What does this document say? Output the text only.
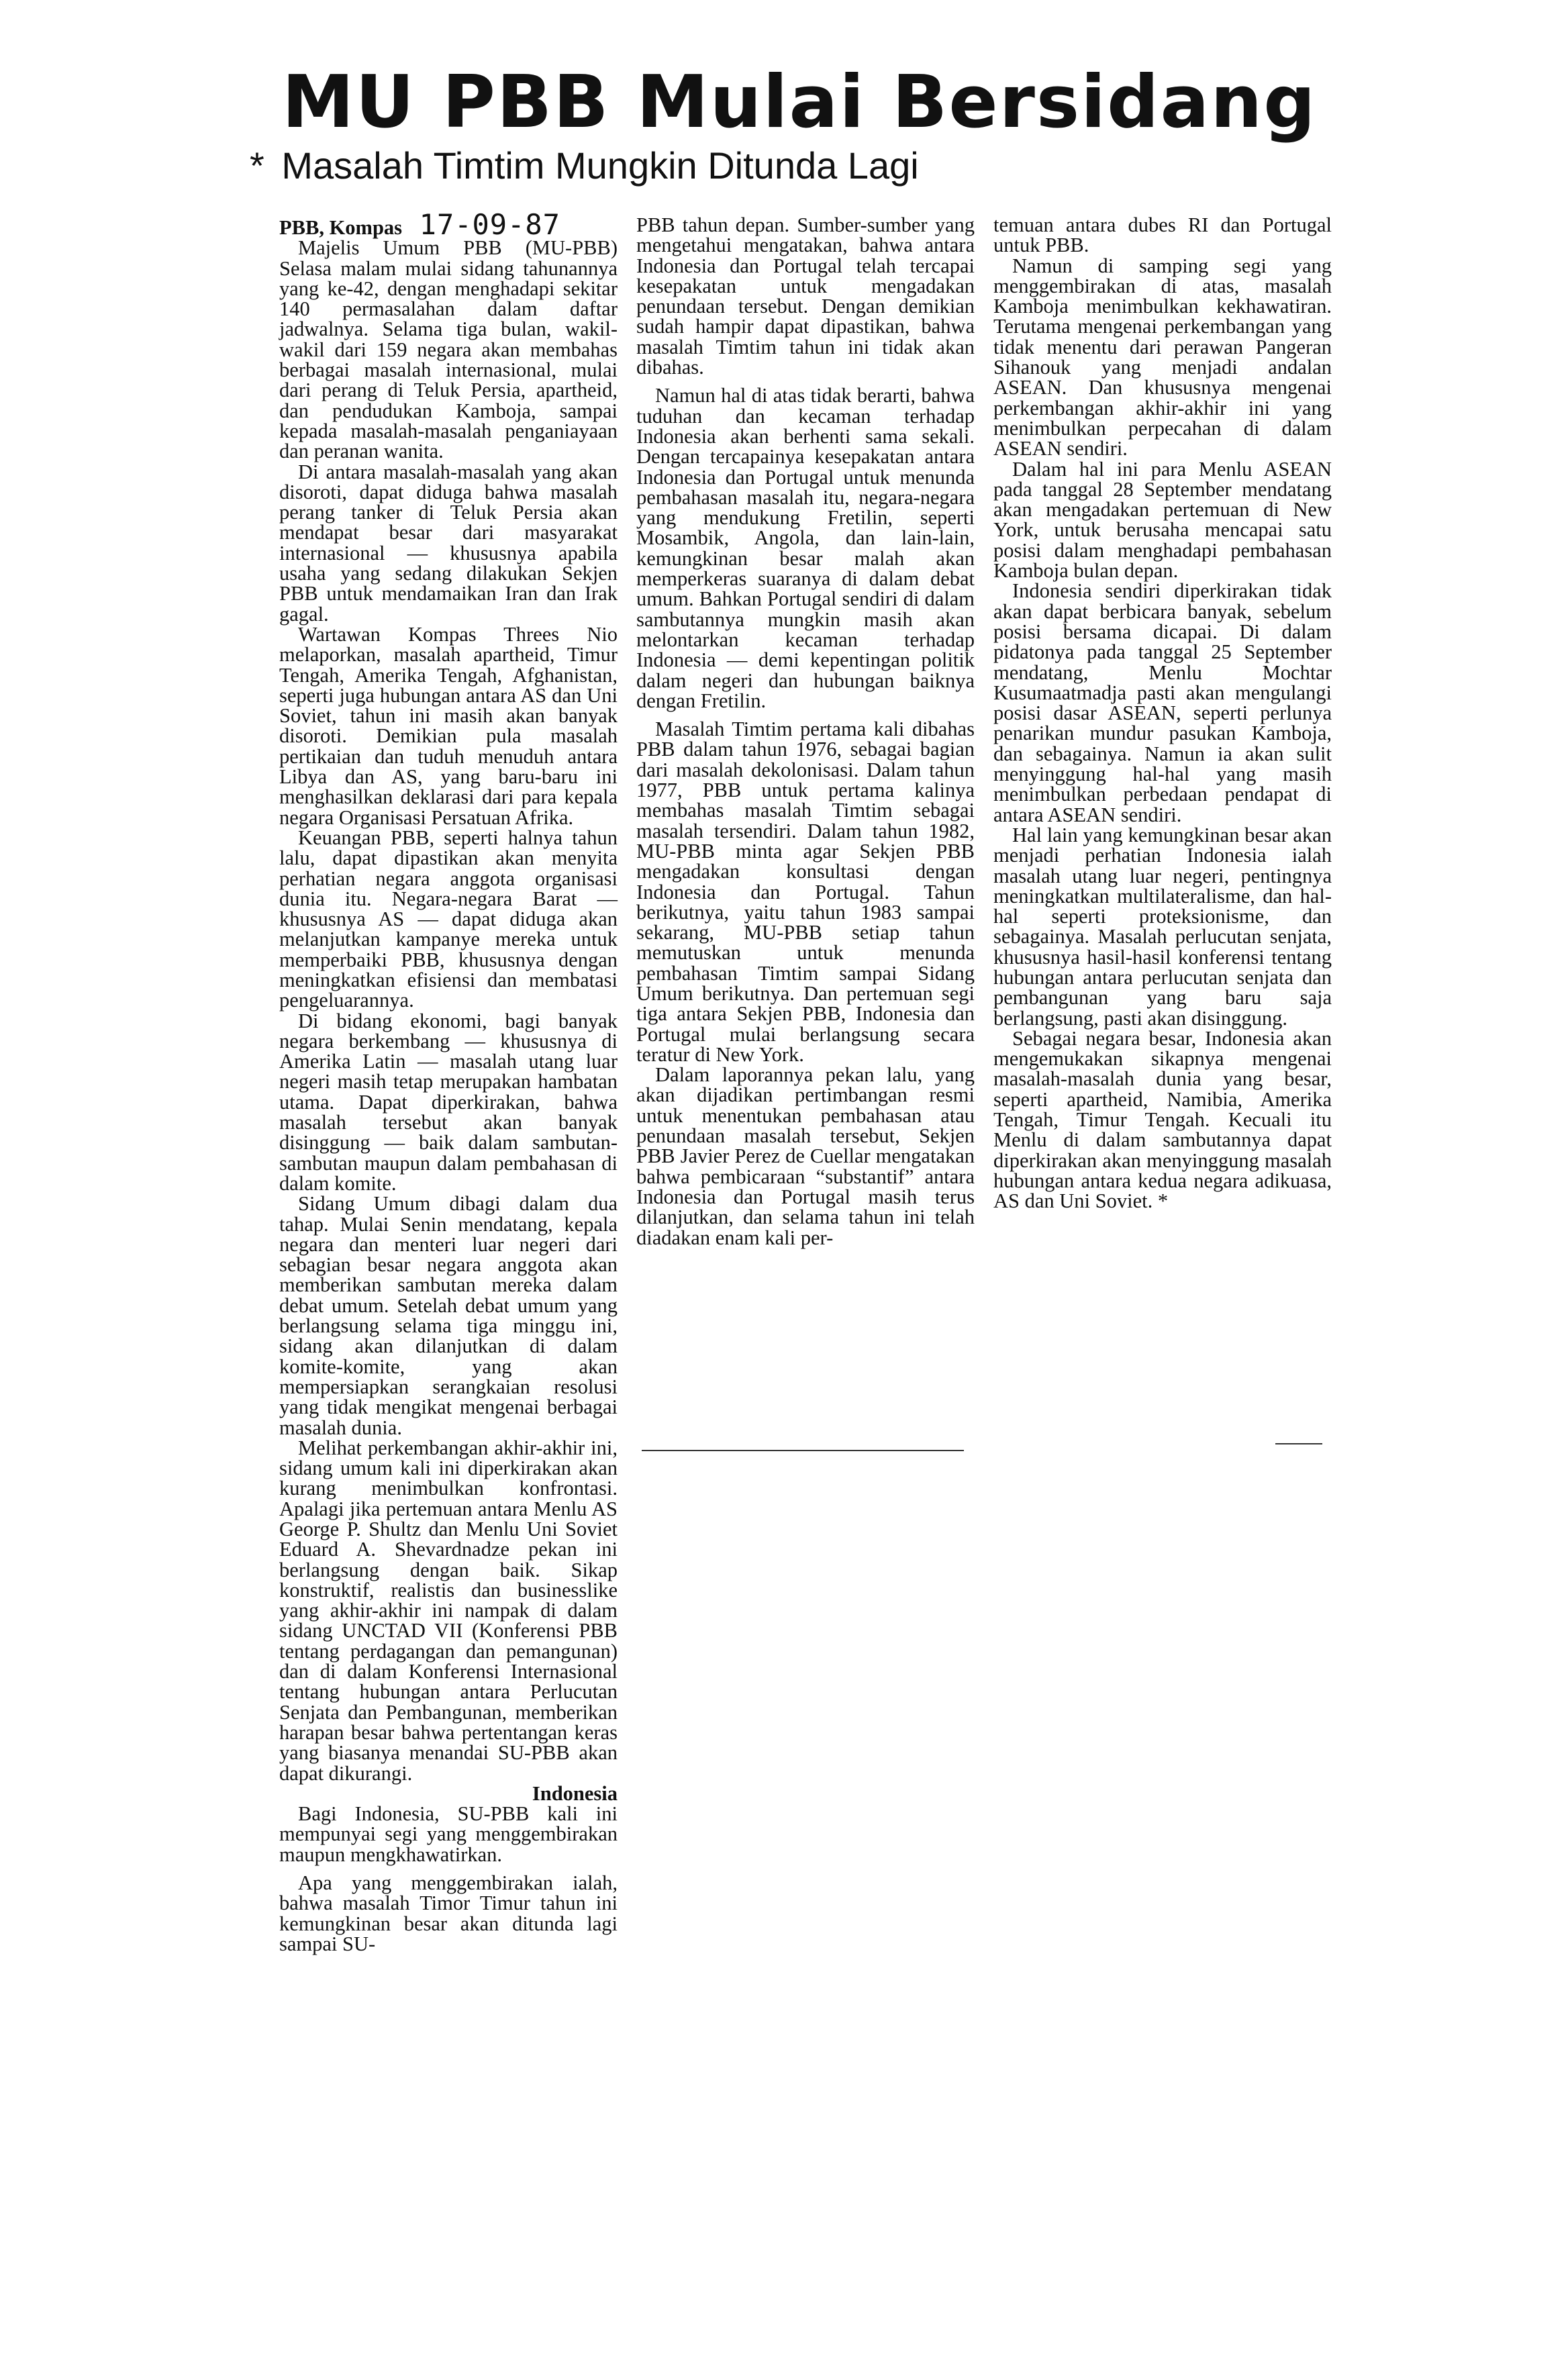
MU PBB Mulai Bersidang
* Masalah Timtim Mungkin Ditunda Lagi

PBB, Kompas 17-09-87

Majelis Umum PBB (MU-PBB) Selasa malam mulai sidang tahunannya yang ke-42, dengan menghadapi sekitar 140 permasalahan dalam daftar jadwalnya. Selama tiga bulan, wakil-wakil dari 159 negara akan membahas berbagai masalah internasional, mulai dari perang di Teluk Persia, apartheid, dan pendudukan Kamboja, sampai kepada masalah-masalah penganiayaan dan peranan wanita.

Di antara masalah-masalah yang akan disoroti, dapat diduga bahwa masalah perang tanker di Teluk Persia akan mendapat besar dari masyarakat internasional — khususnya apabila usaha yang sedang dilakukan Sekjen PBB untuk mendamaikan Iran dan Irak gagal.

Wartawan Kompas Threes Nio melaporkan, masalah apartheid, Timur Tengah, Amerika Tengah, Afghanistan, seperti juga hubungan antara AS dan Uni Soviet, tahun ini masih akan banyak disoroti. Demikian pula masalah pertikaian dan tuduh menuduh antara Libya dan AS, yang baru-baru ini menghasilkan deklarasi dari para kepala negara Organisasi Persatuan Afrika.

Keuangan PBB, seperti halnya tahun lalu, dapat dipastikan akan menyita perhatian negara anggota organisasi dunia itu. Negara-negara Barat — khususnya AS — dapat diduga akan melanjutkan kampanye mereka untuk memperbaiki PBB, khususnya dengan meningkatkan efisiensi dan membatasi pengeluarannya.

Di bidang ekonomi, bagi banyak negara berkembang — khususnya di Amerika Latin — masalah utang luar negeri masih tetap merupakan hambatan utama. Dapat diperkirakan, bahwa masalah tersebut akan banyak disinggung — baik dalam sambutan-sambutan maupun dalam pembahasan di dalam komite.

Sidang Umum dibagi dalam dua tahap. Mulai Senin mendatang, kepala negara dan menteri luar negeri dari sebagian besar negara anggota akan memberikan sambutan mereka dalam debat umum. Setelah debat umum yang berlangsung selama tiga minggu ini, sidang akan dilanjutkan di dalam komite-komite, yang akan mempersiapkan serangkaian resolusi yang tidak mengikat mengenai berbagai masalah dunia.

Melihat perkembangan akhir-akhir ini, sidang umum kali ini diperkirakan akan kurang menimbulkan konfrontasi. Apalagi jika pertemuan antara Menlu AS George P. Shultz dan Menlu Uni Soviet Eduard A. Shevardnadze pekan ini berlangsung dengan baik. Sikap konstruktif, realistis dan businesslike yang akhir-akhir ini nampak di dalam sidang UNCTAD VII (Konferensi PBB tentang perdagangan dan pemangunan) dan di dalam Konferensi Internasional tentang hubungan antara Perlucutan Senjata dan Pembangunan, memberikan harapan besar bahwa pertentangan keras yang biasanya menandai SU-PBB akan dapat dikurangi.

Indonesia

Bagi Indonesia, SU-PBB kali ini mempunyai segi yang menggembirakan maupun mengkhawatirkan.

Apa yang menggembirakan ialah, bahwa masalah Timor Timur tahun ini kemungkinan besar akan ditunda lagi sampai SU-

PBB tahun depan. Sumber-sumber yang mengetahui mengatakan, bahwa antara Indonesia dan Portugal telah tercapai kesepakatan untuk mengadakan penundaan tersebut. Dengan demikian sudah hampir dapat dipastikan, bahwa masalah Timtim tahun ini tidak akan dibahas.

Namun hal di atas tidak berarti, bahwa tuduhan dan kecaman terhadap Indonesia akan berhenti sama sekali. Dengan tercapainya kesepakatan antara Indonesia dan Portugal untuk menunda pembahasan masalah itu, negara-negara yang mendukung Fretilin, seperti Mosambik, Angola, dan lain-lain, kemungkinan besar malah akan memperkeras suaranya di dalam debat umum. Bahkan Portugal sendiri di dalam sambutannya mungkin masih akan melontarkan kecaman terhadap Indonesia — demi kepentingan politik dalam negeri dan hubungan baiknya dengan Fretilin.

Masalah Timtim pertama kali dibahas PBB dalam tahun 1976, sebagai bagian dari masalah dekolonisasi. Dalam tahun 1977, PBB untuk pertama kalinya membahas masalah Timtim sebagai masalah tersendiri. Dalam tahun 1982, MU-PBB minta agar Sekjen PBB mengadakan konsultasi dengan Indonesia dan Portugal. Tahun berikutnya, yaitu tahun 1983 sampai sekarang, MU-PBB setiap tahun memutuskan untuk menunda pembahasan Timtim sampai Sidang Umum berikutnya. Dan pertemuan segi tiga antara Sekjen PBB, Indonesia dan Portugal mulai berlangsung secara teratur di New York.

Dalam laporannya pekan lalu, yang akan dijadikan pertimbangan resmi untuk menentukan pembahasan atau penundaan masalah tersebut, Sekjen PBB Javier Perez de Cuellar mengatakan bahwa pembicaraan “substantif” antara Indonesia dan Portugal masih terus dilanjutkan, dan selama tahun ini telah diadakan enam kali per-

temuan antara dubes RI dan Portugal untuk PBB.

Namun di samping segi yang menggembirakan di atas, masalah Kamboja menimbulkan kekhawatiran. Terutama mengenai perkembangan yang tidak menentu dari perawan Pangeran Sihanouk yang menjadi andalan ASEAN. Dan khususnya mengenai perkembangan akhir-akhir ini yang menimbulkan perpecahan di dalam ASEAN sendiri.

Dalam hal ini para Menlu ASEAN pada tanggal 28 September mendatang akan mengadakan pertemuan di New York, untuk berusaha mencapai satu posisi dalam menghadapi pembahasan Kamboja bulan depan.

Indonesia sendiri diperkirakan tidak akan dapat berbicara banyak, sebelum posisi bersama dicapai. Di dalam pidatonya pada tanggal 25 September mendatang, Menlu Mochtar Kusumaatmadja pasti akan mengulangi posisi dasar ASEAN, seperti perlunya penarikan mundur pasukan Kamboja, dan sebagainya. Namun ia akan sulit menyinggung hal-hal yang masih menimbulkan perbedaan pendapat di antara ASEAN sendiri.

Hal lain yang kemungkinan besar akan menjadi perhatian Indonesia ialah masalah utang luar negeri, pentingnya meningkatkan multilateralisme, dan hal-hal seperti proteksionisme, dan sebagainya. Masalah perlucutan senjata, khususnya hasil-hasil konferensi tentang hubungan antara perlucutan senjata dan pembangunan yang baru saja berlangsung, pasti akan disinggung.

Sebagai negara besar, Indonesia akan mengemukakan sikapnya mengenai masalah-masalah dunia yang besar, seperti apartheid, Namibia, Amerika Tengah, Timur Tengah. Kecuali itu Menlu di dalam sambutannya dapat diperkirakan akan menyinggung masalah hubungan antara kedua negara adikuasa, AS dan Uni Soviet. *
